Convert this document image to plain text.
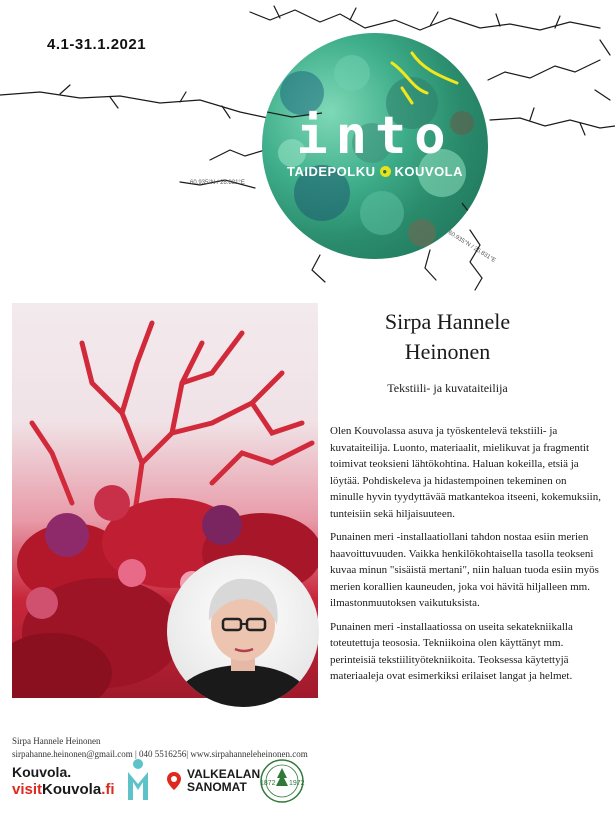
4.1-31.1.2021
into
TAIDEPOLKU ● KOUVOLA
60.935°N / 26.831°E
60.935°N / 26.831°E
Sirpa Hannele
Heinonen
Tekstiili- ja kuvataiteilija

Olen Kouvolassa asuva ja työskentelevä tekstiili- ja kuvataiteilija. Luonto, materiaalit, mielikuvat ja fragmentit toimivat teoksieni lähtökohtina. Haluan kokeilla, etsiä ja löytää. Pohdiskeleva ja hidastempoinen tekeminen on minulle hyvin tyydyttävää matkantekoa itseeni, kokemuksiin, tunteisiin sekä hiljaisuuteen.

Punainen meri -installaatiollani tahdon nostaa esiin merien haavoittuvuuden. Vaikka henkilökohtaisella tasolla teokseni kuvaa minun "sisäistä mertani", niin haluan tuoda esiin myös merien korallien kauneuden, joka voi hävitä hiljalleen mm. ilmastonmuutoksen vaikutuksista.

Punainen meri -installaatiossa on useita sekatekniikalla toteutettuja teososia. Tekniikoina olen käyttänyt mm. perinteisiä tekstiilityötekniikoita. Teoksessa käytettyjä materiaaleja ovat esimerkiksi erilaiset langat ja helmet.

Sirpa Hannele Heinonen
sirpahanne.heinonen@gmail.com | 040 5516256| www.sirpahanneleheinonen.com
Kouvola.
visitKouvola.fi
VALKEALAN
SANOMAT	1872 1972
